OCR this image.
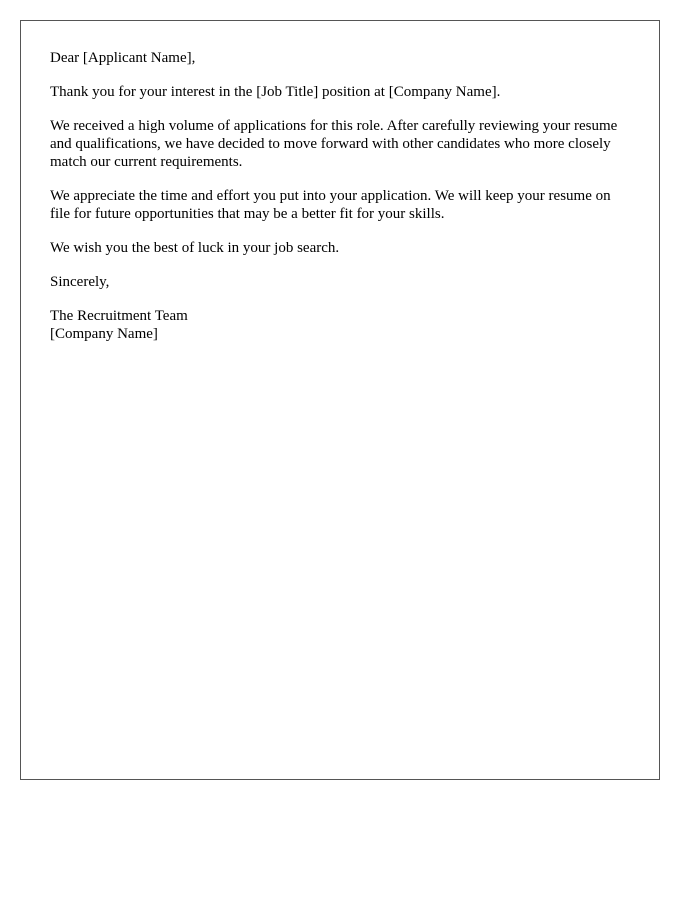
Dear [Applicant Name],

Thank you for your interest in the [Job Title] position at [Company Name].

We received a high volume of applications for this role. After carefully reviewing your resume and qualifications, we have decided to move forward with other candidates who more closely match our current requirements.

We appreciate the time and effort you put into your application. We will keep your resume on file for future opportunities that may be a better fit for your skills.

We wish you the best of luck in your job search.

Sincerely,

The Recruitment Team
[Company Name]
